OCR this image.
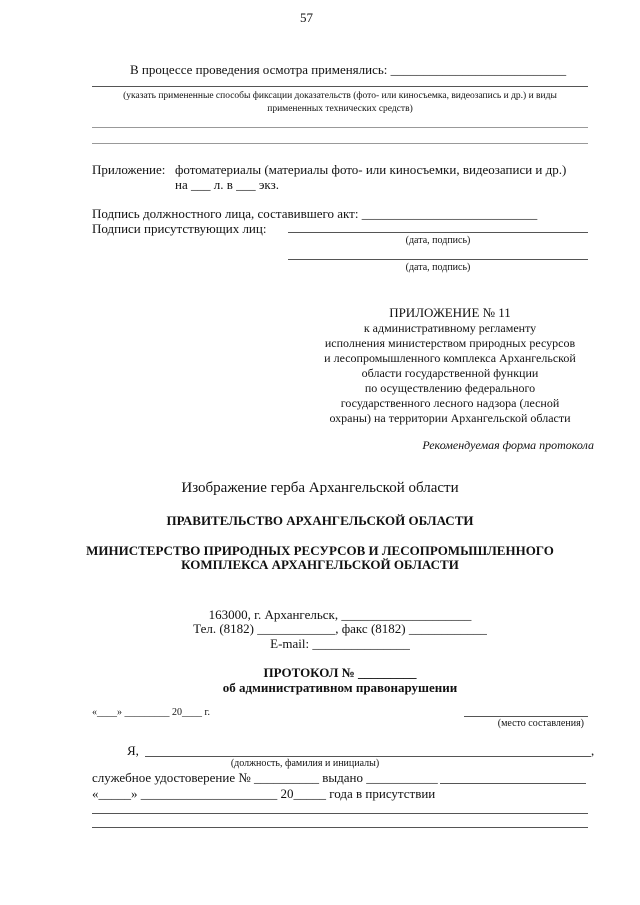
57
В процессе проведения осмотра применялись: ___________________________
(указать примененные способы фиксации доказательств (фото- или киносъемка, видеозапись и др.) и виды
примененных технических средств)
Приложение: фотоматериалы (материалы фото- или киносъемки, видеозаписи и др.)
на ___ л. в ___ экз.
Подпись должностного лица, составившего акт: ___________________________
Подписи присутствующих лиц:
(дата, подпись)
(дата, подпись)
ПРИЛОЖЕНИЕ № 11
к административному регламенту
исполнения министерством природных ресурсов
и лесопромышленного комплекса Архангельской
области государственной функции
по осуществлению федерального
государственного лесного надзора (лесной
охраны) на территории Архангельской области
Рекомендуемая форма протокола
Изображение герба Архангельской области
ПРАВИТЕЛЬСТВО АРХАНГЕЛЬСКОЙ ОБЛАСТИ
МИНИСТЕРСТВО ПРИРОДНЫХ РЕСУРСОВ И ЛЕСОПРОМЫШЛЕННОГО
КОМПЛЕКСА АРХАНГЕЛЬСКОЙ ОБЛАСТИ
163000, г. Архангельск, ____________________
Тел. (8182) ____________, факс (8182) ____________
E-mail: _______________
ПРОТОКОЛ № _________
об административном правонарушении
«____» _________ 20____ г.
(место составления)
Я,	,
(должность, фамилия и инициалы)
служебное удостоверение № __________ выдано ___________
«_____» _____________________ 20_____ года в присутствии
